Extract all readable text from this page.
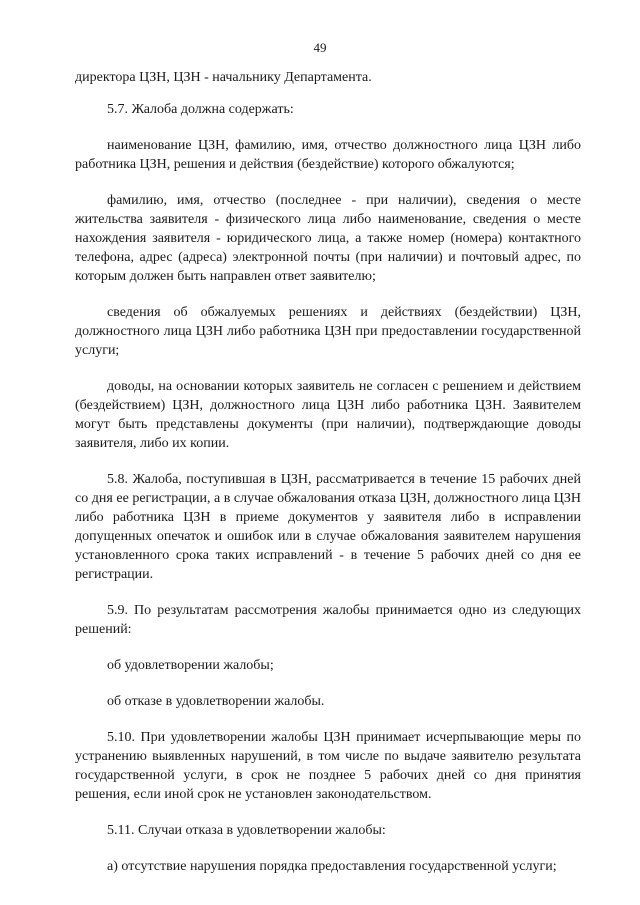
49

директора ЦЗН, ЦЗН - начальнику Департамента.

5.7. Жалоба должна содержать:

наименование ЦЗН, фамилию, имя, отчество должностного лица ЦЗН либо работника ЦЗН, решения и действия (бездействие) которого обжалуются;

фамилию, имя, отчество (последнее - при наличии), сведения о месте жительства заявителя - физического лица либо наименование, сведения о месте нахождения заявителя - юридического лица, а также номер (номера) контактного телефона, адрес (адреса) электронной почты (при наличии) и почтовый адрес, по которым должен быть направлен ответ заявителю;

сведения об обжалуемых решениях и действиях (бездействии) ЦЗН, должностного лица ЦЗН либо работника ЦЗН при предоставлении государственной услуги;

доводы, на основании которых заявитель не согласен с решением и действием (бездействием) ЦЗН, должностного лица ЦЗН либо работника ЦЗН. Заявителем могут быть представлены документы (при наличии), подтверждающие доводы заявителя, либо их копии.

5.8. Жалоба, поступившая в ЦЗН, рассматривается в течение 15 рабочих дней со дня ее регистрации, а в случае обжалования отказа ЦЗН, должностного лица ЦЗН либо работника ЦЗН в приеме документов у заявителя либо в исправлении допущенных опечаток и ошибок или в случае обжалования заявителем нарушения установленного срока таких исправлений - в течение 5 рабочих дней со дня ее регистрации.

5.9. По результатам рассмотрения жалобы принимается одно из следующих решений:

об удовлетворении жалобы;

об отказе в удовлетворении жалобы.

5.10. При удовлетворении жалобы ЦЗН принимает исчерпывающие меры по устранению выявленных нарушений, в том числе по выдаче заявителю результата государственной услуги, в срок не позднее 5 рабочих дней со дня принятия решения, если иной срок не установлен законодательством.

5.11. Случаи отказа в удовлетворении жалобы:

а) отсутствие нарушения порядка предоставления государственной услуги;
